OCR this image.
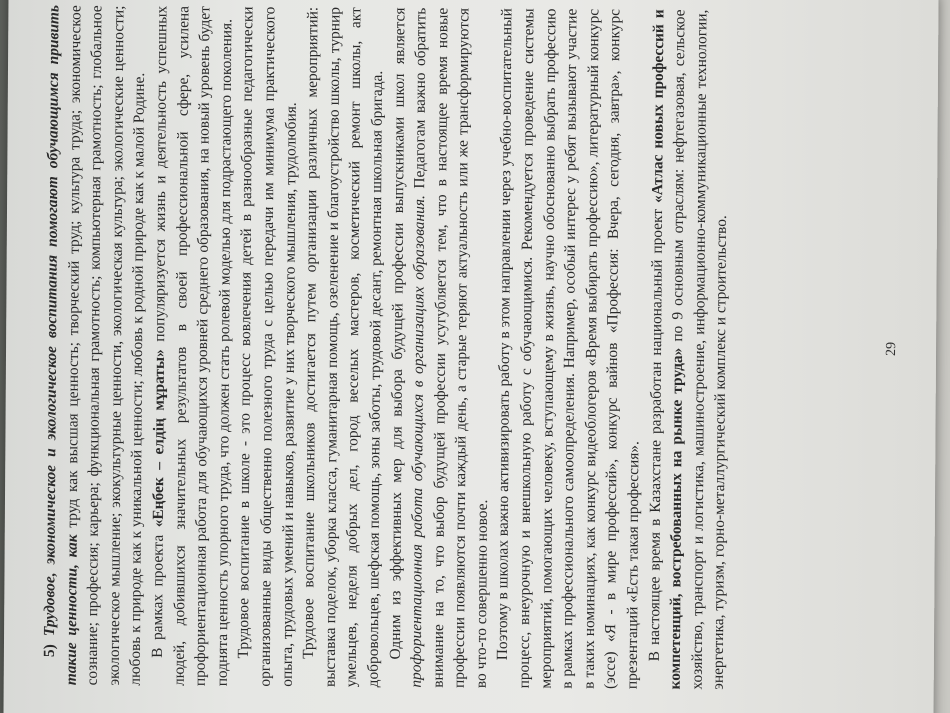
5) Трудовое, экономическое и экологическое воспитания помогают обучающимся привить такие ценности, как труд как высшая ценность; творческий труд; культура труда; экономическое сознание; профессия; карьера; функциональная грамотность; компьютерная грамотность; глобальное экологическое мышление; экокультурные ценности, экологическая культура; экологические ценности; любовь к природе как к уникальной ценности; любовь к родной природе как к малой Родине. В рамках проекта «Еңбек – елдің мұраты» популяризуется жизнь и деятельность успешных людей, добившихся значительных результатов в своей профессиональной сфере, усилена профориентационная работа для обучающихся уровней среднего образования, на новый уровень будет поднята ценность упорного труда, что должен стать ролевой моделью для подрастающего поколения. Трудовое воспитание в школе - это процесс вовлечения детей в разнообразные педагогически организованные виды общественно полезного труда с целью передачи им минимума практического опыта, трудовых умений и навыков, развитие у них творческого мышления, трудолюбия. Трудовое воспитание школьников достигается путем организации различных мероприятий: выставка поделок, уборка класса, гуманитарная помощь, озеленение и благоустройство школы, турнир умельцев, неделя добрых дел, город веселых мастеров, косметический ремонт школы, акт добровольцев, шефская помощь, зоны заботы, трудовой десант, ремонтная школьная бригада. Одним из эффективных мер для выбора будущей профессии выпускниками школ является профориентационная работа обучающихся в организациях образования. Педагогам важно обратить внимание на то, что выбор будущей профессии усугубляется тем, что в настоящее время новые профессии появляются почти каждый день, а старые теряют актуальность или же трансформируются во что-то совершенно новое. Поэтому в школах важно активизировать работу в этом направлении через учебно-воспитательный процесс, внеурочную и внешкольную работу с обучающимися. Рекомендуется проведение системы мероприятий, помогающих человеку, вступающему в жизнь, научно обоснованно выбрать профессию в рамках профессионального самоопределения. Например, особый интерес у ребят вызывают участие в таких номинациях, как конкурс видеоблогеров «Время выбирать профессию», литературный конкурс (эссе) «Я - в мире профессий», конкурс вайнов «Профессия: Вчера, сегодня, завтра», конкурс презентаций «Есть такая профессия». В настоящее время в Казахстане разработан национальный проект «Атлас новых профессий и компетенций, востребованных на рынке труда» по 9 основным отраслям: нефтегазовая, сельское хозяйство, транспорт и логистика, машиностроение, информационно-коммуникационные технологии, энергетика, туризм, горно-металлургический комплекс и строительство.	29
